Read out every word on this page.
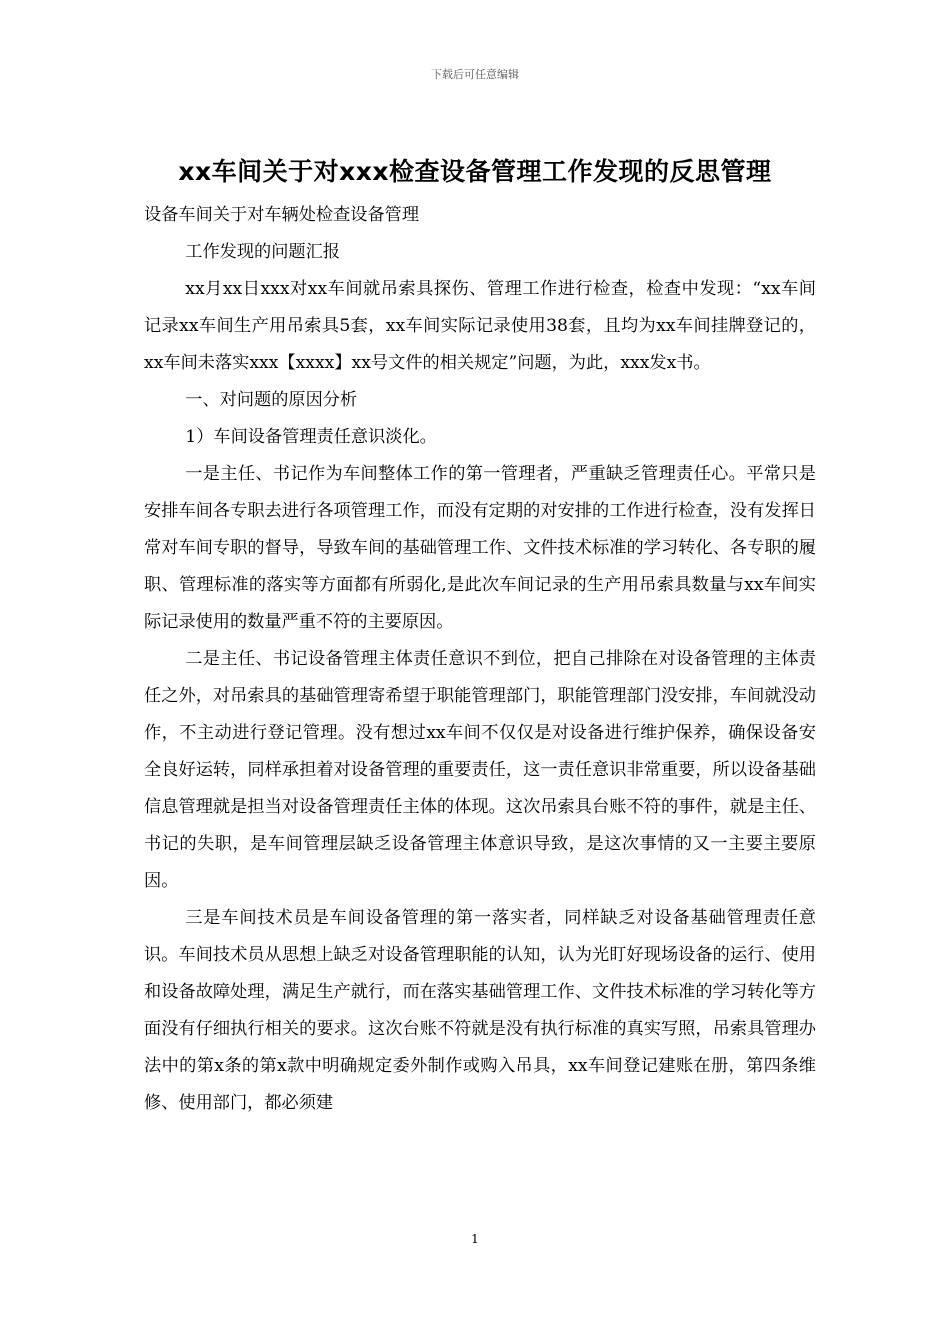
下载后可任意编辑
xx车间关于对xxx检查设备管理工作发现的反思管理

设备车间关于对车辆处检查设备管理

工作发现的问题汇报

xx月xx日xxx对xx车间就吊索具探伤、管理工作进行检查，检查中发现：“xx车间记录xx车间生产用吊索具5套，xx车间实际记录使用38套，且均为xx车间挂牌登记的，xx车间未落实xxx【xxxx】xx号文件的相关规定”问题，为此，xxx发x书。

一、对问题的原因分析

1）车间设备管理责任意识淡化。

一是主任、书记作为车间整体工作的第一管理者，严重缺乏管理责任心。平常只是安排车间各专职去进行各项管理工作，而没有定期的对安排的工作进行检查，没有发挥日常对车间专职的督导，导致车间的基础管理工作、文件技术标准的学习转化、各专职的履职、管理标准的落实等方面都有所弱化,是此次车间记录的生产用吊索具数量与xx车间实际记录使用的数量严重不符的主要原因。

二是主任、书记设备管理主体责任意识不到位，把自己排除在对设备管理的主体责任之外，对吊索具的基础管理寄希望于职能管理部门，职能管理部门没安排，车间就没动作，不主动进行登记管理。没有想过xx车间不仅仅是对设备进行维护保养，确保设备安全良好运转，同样承担着对设备管理的重要责任，这一责任意识非常重要，所以设备基础信息管理就是担当对设备管理责任主体的体现。这次吊索具台账不符的事件，就是主任、书记的失职，是车间管理层缺乏设备管理主体意识导致，是这次事情的又一主要主要原因。

三是车间技术员是车间设备管理的第一落实者，同样缺乏对设备基础管理责任意识。车间技术员从思想上缺乏对设备管理职能的认知，认为光盯好现场设备的运行、使用和设备故障处理，满足生产就行，而在落实基础管理工作、文件技术标准的学习转化等方面没有仔细执行相关的要求。这次台账不符就是没有执行标准的真实写照，吊索具管理办法中的第x条的第x款中明确规定委外制作或购入吊具，xx车间登记建账在册，第四条维修、使用部门，都必须建

1
